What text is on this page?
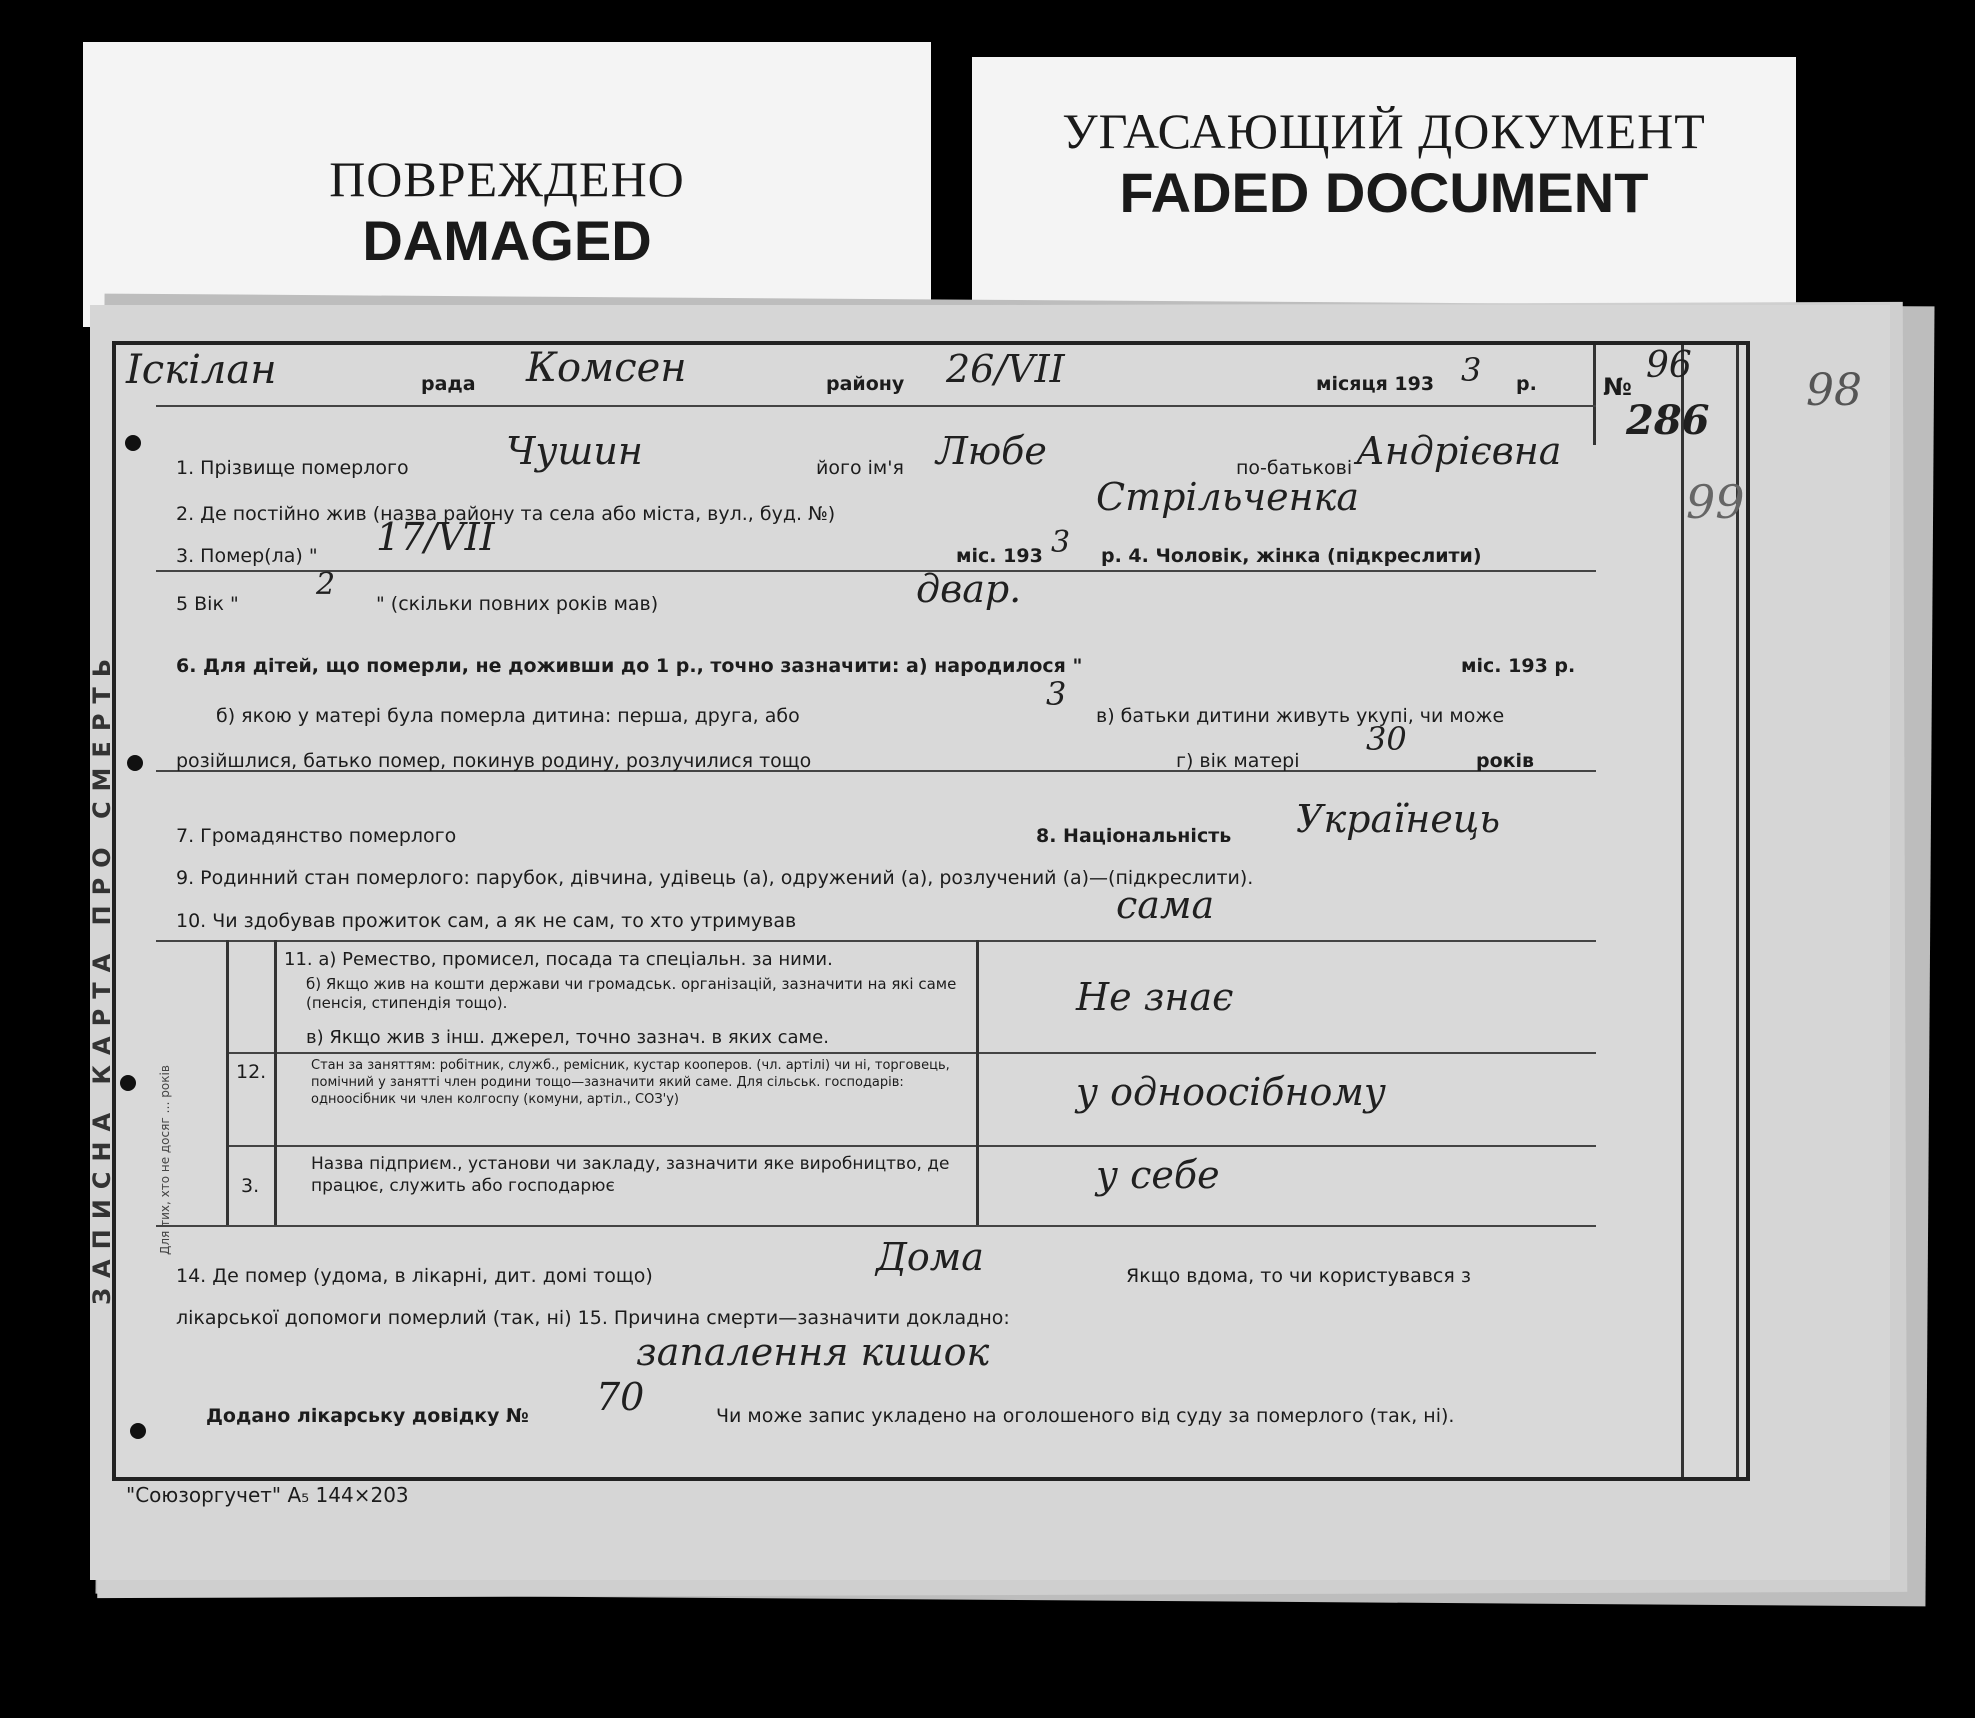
ПОВРЕЖДЕНО
DAMAGED
УГАСАЮЩИЙ ДОКУМЕНТ
FADED DOCUMENT
Іскілан	рада Комсен	району 26/VII	місяця 193 3 р.	№
96
286
98
99
1. Прізвище померлого	Чушин	його ім'я Любе	по-батькові Андрієвна
2. Де постійно жив (назва району та села або міста, вул., буд. №)	Стрільченка
3. Помер(ла) " 17/VII	міс. 193 3 р. 4. Чоловік, жінка (підкреслити)
5 Вік "
2
" (скільки повних років мав)	двар.
6. Для дітей, що померли, не доживши до 1 р., точно зазначити: а) народилося "	міс. 193 р.
б) якою у матері була померла дитина: перша, друга, або
3
в) батьки дитини живуть укупі, чи може
розійшлися, батько помер, покинув родину, розлучилися тощо	г) вік матері
30
років
7. Громадянство померлого	8. Національність Українець
9. Родинний стан померлого: парубок, дівчина, удівець (а), одружений (а), розлучений (а)—(підкреслити).
10. Чи здобував прожиток сам, а як не сам, то хто утримував	сама
11. а) Ремество, промисел, посада та спеціальн. за ними.
б) Якщо жив на кошти держави чи громадськ. організацій, зазначити на які саме (пенсія, стипендія тощо).
в) Якщо жив з інш. джерел, точно зазнач. в яких саме.
Не знає
12.	Стан за заняттям: робітник, служб., ремісник, кустар кооперов. (чл. артілі) чи ні, торговець, помічний у занятті член родини тощо—зазначити який саме. Для сільськ. господарів: одноосібник чи член колгоспу (комуни, артіл., СОЗ'у)	у одноосібному
3.
Назва підприєм., установи чи закладу, зазначити яке виробництво, де працює, служить або господарює	у себе
14. Де помер (удома, в лікарні, дит. домі тощо)	Дома	Якщо вдома, то чи користувався з
лікарської допомоги померлий (так, ні) 15. Причина смерти—зазначити докладно:
запалення кишок
Додано лікарську довідку № 70	Чи може запис укладено на оголошеного від суду за померлого (так, ні).
ЗАПИСНА КАРТА ПРО СМЕРТЬ	Для тих, хто не досяг … років
"Союзоргучет" А₅ 144×203
